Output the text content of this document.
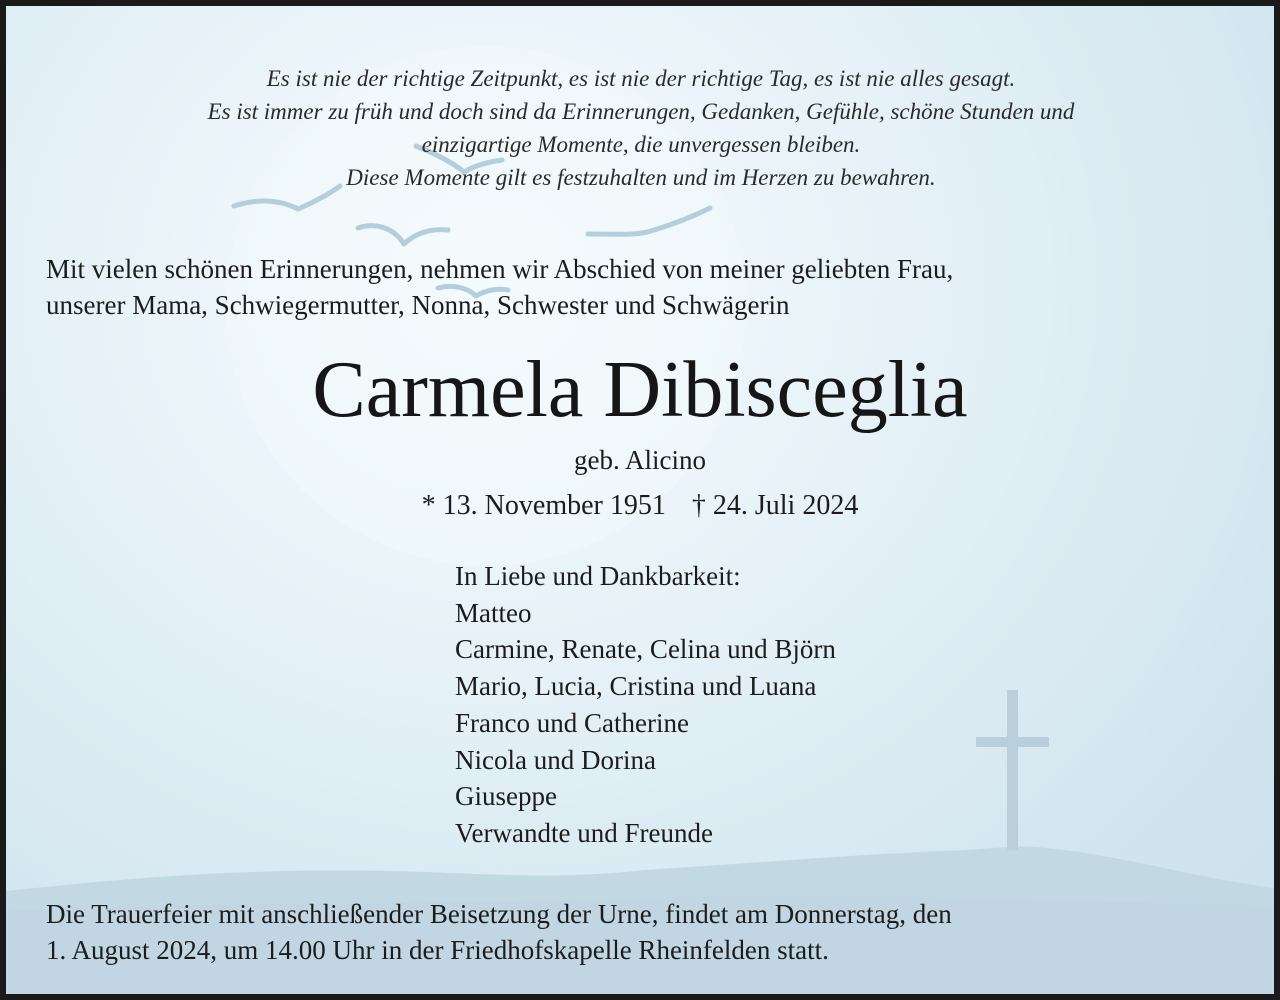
Es ist nie der richtige Zeitpunkt, es ist nie der richtige Tag, es ist nie alles gesagt.
Es ist immer zu früh und doch sind da Erinnerungen, Gedanken, Gefühle, schöne Stunden und
einzigartige Momente, die unvergessen bleiben.
Diese Momente gilt es festzuhalten und im Herzen zu bewahren.
Mit vielen schönen Erinnerungen, nehmen wir Abschied von meiner geliebten Frau,
unserer Mama, Schwiegermutter, Nonna, Schwester und Schwägerin
Carmela Dibisceglia
geb. Alicino
* 13. November 1951 † 24. Juli 2024
In Liebe und Dankbarkeit:
Matteo
Carmine, Renate, Celina und Björn
Mario, Lucia, Cristina und Luana
Franco und Catherine
Nicola und Dorina
Giuseppe
Verwandte und Freunde
Die Trauerfeier mit anschließender Beisetzung der Urne, findet am Donnerstag, den
1. August 2024, um 14.00 Uhr in der Friedhofskapelle Rheinfelden statt.
